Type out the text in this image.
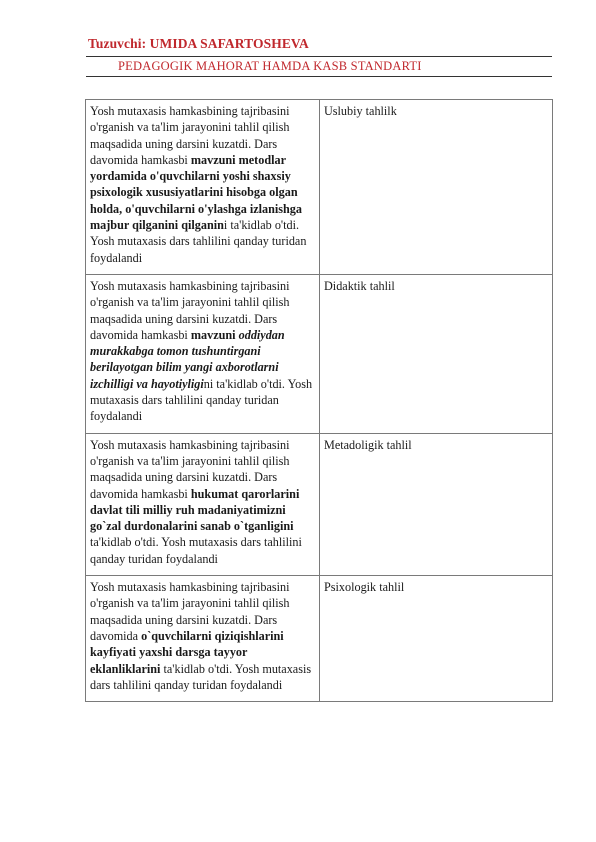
Tuzuvchi: UMIDA SAFARTOSHEVA
PEDAGOGIK MAHORAT HAMDA KASB STANDARTI
Yosh mutaxasis hamkasbining tajribasini o'rganish va ta'lim jarayonini tahlil qilish maqsadida uning darsini kuzatdi. Dars davomida hamkasbi mavzuni metodlar yordamida o'quvchilarni yoshi shaxsiy psixologik xususiyatlarini hisobga olgan holda, o'quvchilarni o'ylashga izlanishga majbur qilganini qilganini ta'kidlab o'tdi. Yosh mutaxasis dars tahlilini qanday turidan foydalandi	Uslubiy tahlilk
Yosh mutaxasis hamkasbining tajribasini o'rganish va ta'lim jarayonini tahlil qilish maqsadida uning darsini kuzatdi. Dars davomida hamkasbi mavzuni oddiydan murakkabga tomon tushuntirgani berilayotgan bilim yangi axborotlarni izchilligi va hayotiyligini ta'kidlab o'tdi. Yosh mutaxasis dars tahlilini qanday turidan foydalandi	Didaktik tahlil
Yosh mutaxasis hamkasbining tajribasini o'rganish va ta'lim jarayonini tahlil qilish maqsadida uning darsini kuzatdi. Dars davomida hamkasbi hukumat qarorlarini davlat tili milliy ruh madaniyatimizni go`zal durdonalarini sanab o`tganligini ta'kidlab o'tdi. Yosh mutaxasis dars tahlilini qanday turidan foydalandi	Metadoligik tahlil
Yosh mutaxasis hamkasbining tajribasini o'rganish va ta'lim jarayonini tahlil qilish maqsadida uning darsini kuzatdi. Dars davomida o`quvchilarni qiziqishlarini kayfiyati yaxshi darsga tayyor eklanliklarini ta'kidlab o'tdi. Yosh mutaxasis dars tahlilini qanday turidan foydalandi	Psixologik tahlil
